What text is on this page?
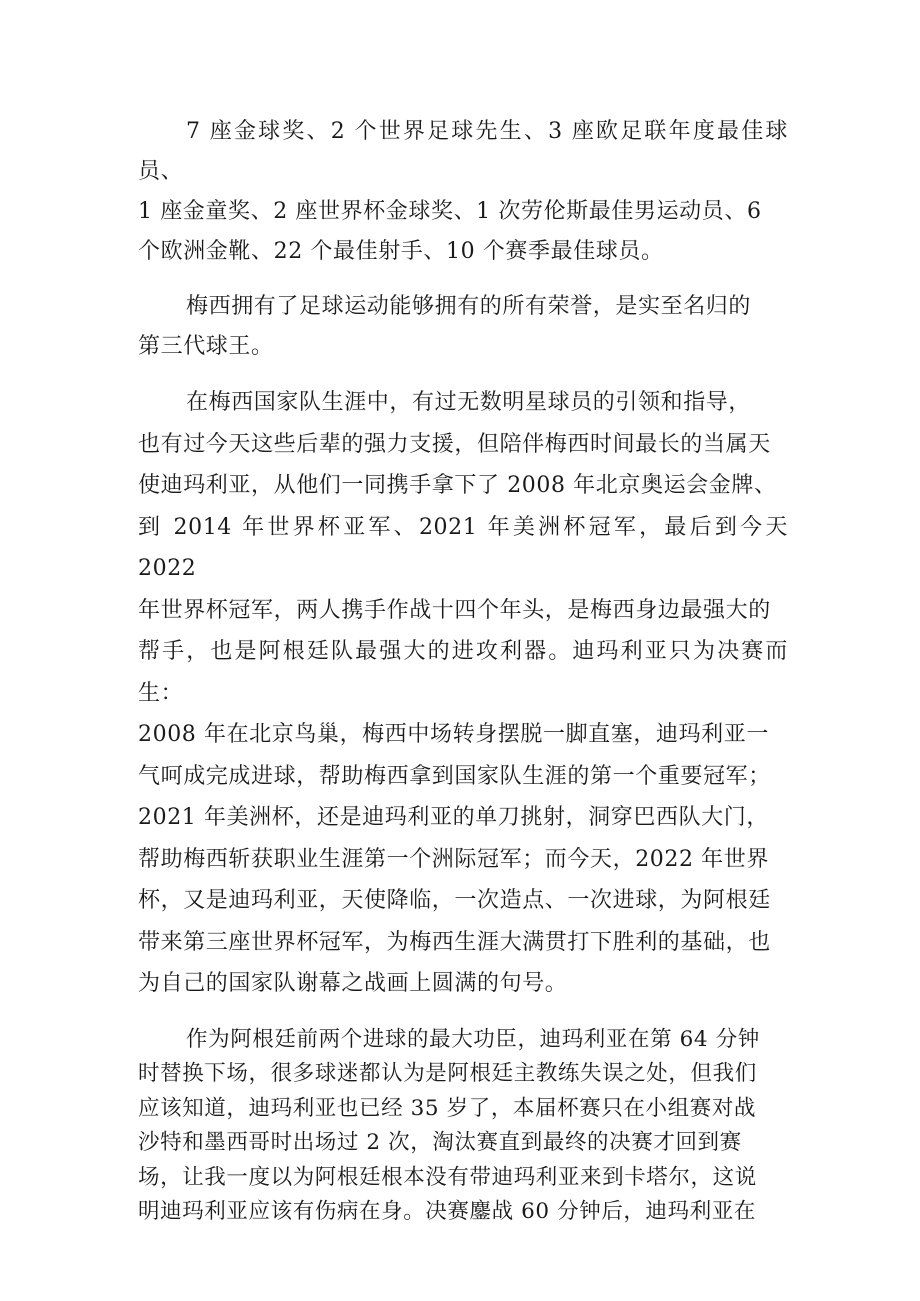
7 座金球奖、2 个世界足球先生、3 座欧足联年度最佳球员、
1 座金童奖、2 座世界杯金球奖、1 次劳伦斯最佳男运动员、6
个欧洲金靴、22 个最佳射手、10 个赛季最佳球员。

梅西拥有了足球运动能够拥有的所有荣誉，是实至名归的
第三代球王。

在梅西国家队生涯中，有过无数明星球员的引领和指导，
也有过今天这些后辈的强力支援，但陪伴梅西时间最长的当属天
使迪玛利亚，从他们一同携手拿下了 2008 年北京奥运会金牌、
到 2014 年世界杯亚军、2021 年美洲杯冠军，最后到今天 2022
年世界杯冠军，两人携手作战十四个年头，是梅西身边最强大的
帮手，也是阿根廷队最强大的进攻利器。迪玛利亚只为决赛而生：
2008 年在北京鸟巢，梅西中场转身摆脱一脚直塞，迪玛利亚一
气呵成完成进球，帮助梅西拿到国家队生涯的第一个重要冠军；
2021 年美洲杯，还是迪玛利亚的单刀挑射，洞穿巴西队大门，
帮助梅西斩获职业生涯第一个洲际冠军；而今天，2022 年世界
杯，又是迪玛利亚，天使降临，一次造点、一次进球，为阿根廷
带来第三座世界杯冠军，为梅西生涯大满贯打下胜利的基础，也
为自己的国家队谢幕之战画上圆满的句号。

作为阿根廷前两个进球的最大功臣，迪玛利亚在第 64 分钟
时替换下场，很多球迷都认为是阿根廷主教练失误之处，但我们
应该知道，迪玛利亚也已经 35 岁了，本届杯赛只在小组赛对战
沙特和墨西哥时出场过 2 次，淘汰赛直到最终的决赛才回到赛
场，让我一度以为阿根廷根本没有带迪玛利亚来到卡塔尔，这说
明迪玛利亚应该有伤病在身。决赛鏖战 60 分钟后，迪玛利亚在
